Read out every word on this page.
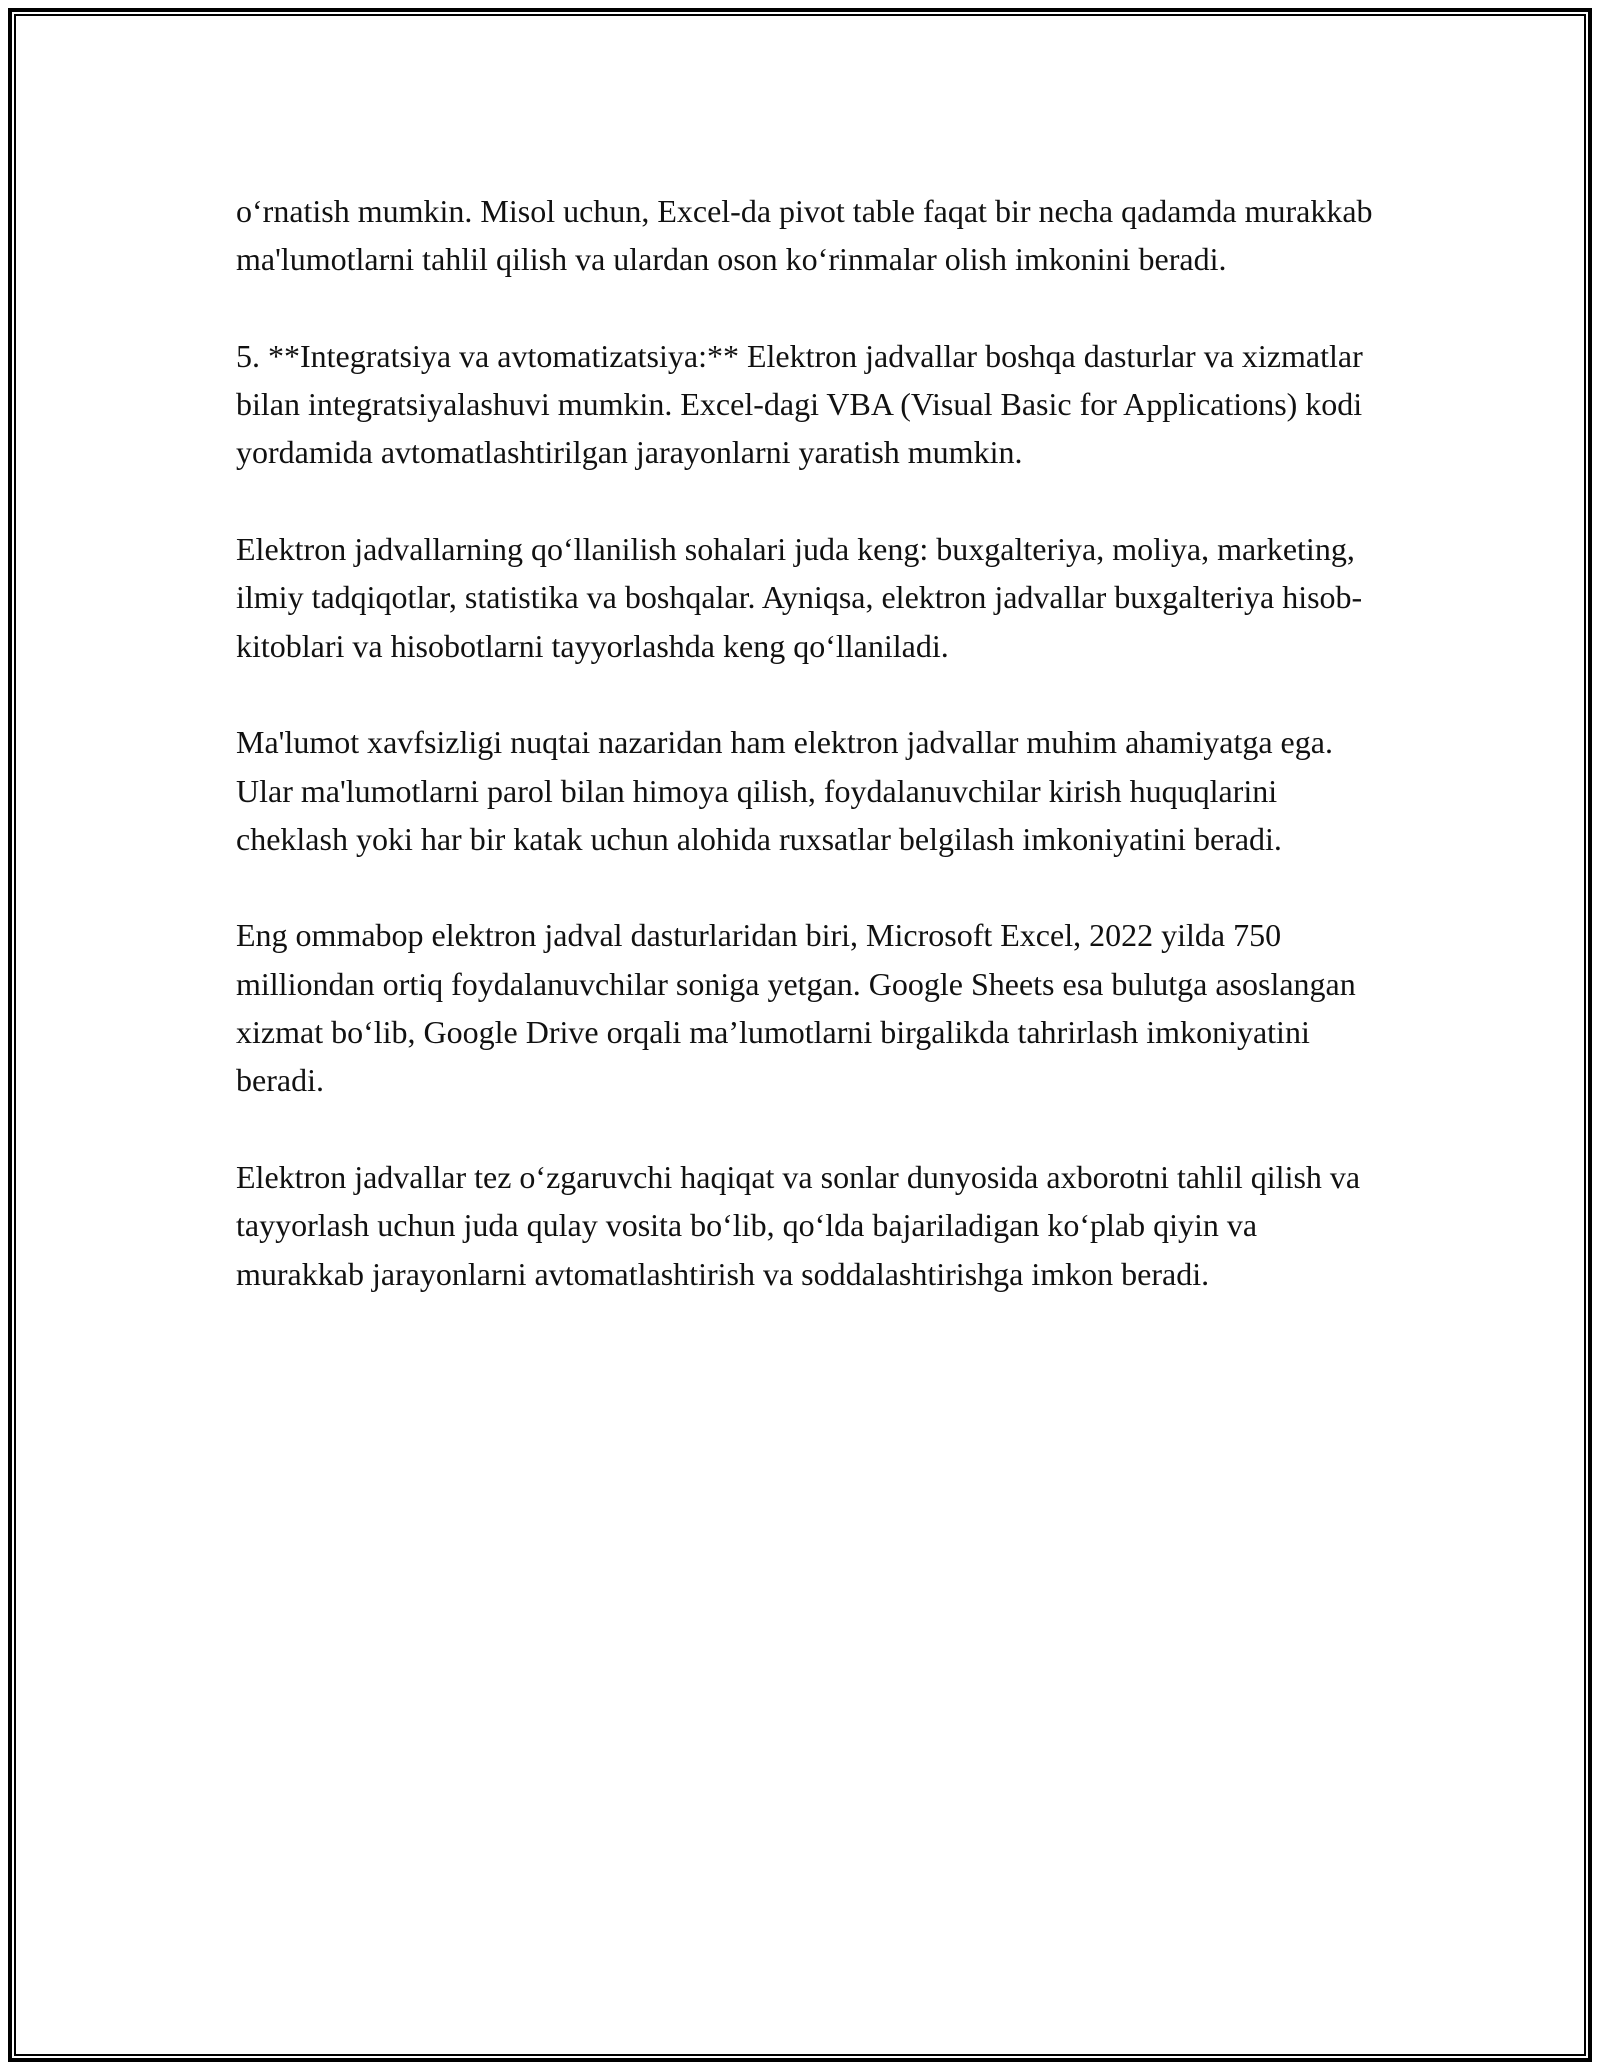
o‘rnatish mumkin. Misol uchun, Excel-da pivot table faqat bir necha qadamda murakkab ma'lumotlarni tahlil qilish va ulardan oson ko‘rinmalar olish imkonini beradi.

5. **Integratsiya va avtomatizatsiya:** Elektron jadvallar boshqa dasturlar va xizmatlar bilan integratsiyalashuvi mumkin. Excel-dagi VBA (Visual Basic for Applications) kodi yordamida avtomatlashtirilgan jarayonlarni yaratish mumkin.

Elektron jadvallarning qo‘llanilish sohalari juda keng: buxgalteriya, moliya, marketing, ilmiy tadqiqotlar, statistika va boshqalar. Ayniqsa, elektron jadvallar buxgalteriya hisob-kitoblari va hisobotlarni tayyorlashda keng qo‘llaniladi.

Ma'lumot xavfsizligi nuqtai nazaridan ham elektron jadvallar muhim ahamiyatga ega. Ular ma'lumotlarni parol bilan himoya qilish, foydalanuvchilar kirish huquqlarini cheklash yoki har bir katak uchun alohida ruxsatlar belgilash imkoniyatini beradi.

Eng ommabop elektron jadval dasturlaridan biri, Microsoft Excel, 2022 yilda 750 milliondan ortiq foydalanuvchilar soniga yetgan. Google Sheets esa bulutga asoslangan xizmat bo‘lib, Google Drive orqali ma’lumotlarni birgalikda tahrirlash imkoniyatini beradi.

Elektron jadvallar tez o‘zgaruvchi haqiqat va sonlar dunyosida axborotni tahlil qilish va tayyorlash uchun juda qulay vosita bo‘lib, qo‘lda bajariladigan ko‘plab qiyin va murakkab jarayonlarni avtomatlashtirish va soddalashtirishga imkon beradi.
